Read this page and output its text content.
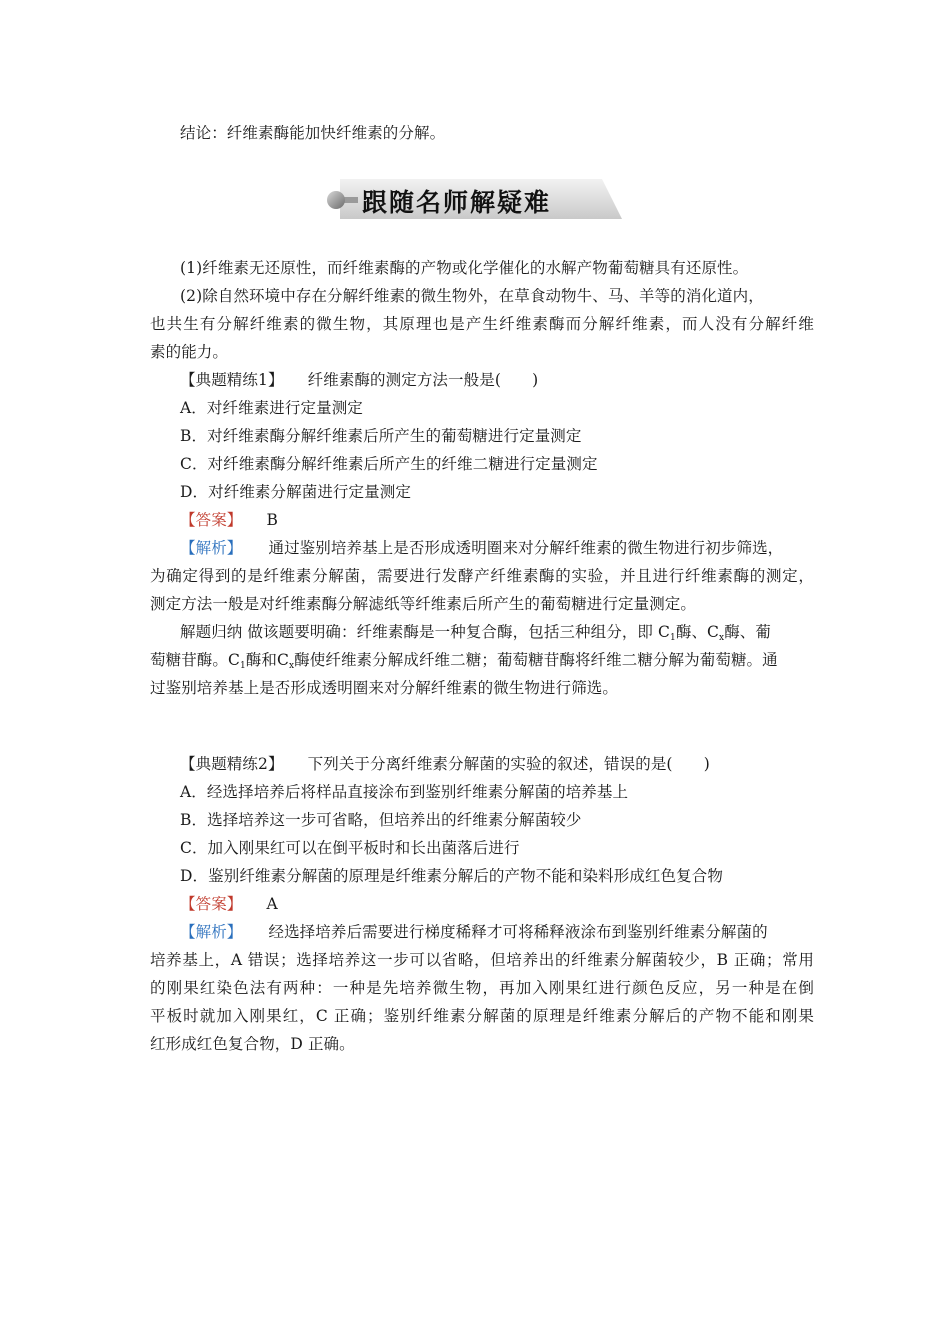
结论：纤维素酶能加快纤维素的分解。
跟随名师解疑难
(1)纤维素无还原性，而纤维素酶的产物或化学催化的水解产物葡萄糖具有还原性。
(2)除自然环境中存在分解纤维素的微生物外，在草食动物牛、马、羊等的消化道内，
也共生有分解纤维素的微生物，其原理也是产生纤维素酶而分解纤维素，而人没有分解纤维
素的能力。
【典题精练1】 纤维素酶的测定方法一般是(　　)
A．对纤维素进行定量测定
B．对纤维素酶分解纤维素后所产生的葡萄糖进行定量测定
C．对纤维素酶分解纤维素后所产生的纤维二糖进行定量测定
D．对纤维素分解菌进行定量测定
【答案】 B
【解析】 通过鉴别培养基上是否形成透明圈来对分解纤维素的微生物进行初步筛选，
为确定得到的是纤维素分解菌，需要进行发酵产纤维素酶的实验，并且进行纤维素酶的测定，
测定方法一般是对纤维素酶分解滤纸等纤维素后所产生的葡萄糖进行定量测定。
解题归纳 做该题要明确：纤维素酶是一种复合酶，包括三种组分，即 C1酶、Cx酶、葡
萄糖苷酶。C1酶和Cx酶使纤维素分解成纤维二糖；葡萄糖苷酶将纤维二糖分解为葡萄糖。通
过鉴别培养基上是否形成透明圈来对分解纤维素的微生物进行筛选。
【典题精练2】 下列关于分离纤维素分解菌的实验的叙述，错误的是(　　)
A．经选择培养后将样品直接涂布到鉴别纤维素分解菌的培养基上
B．选择培养这一步可省略，但培养出的纤维素分解菌较少
C．加入刚果红可以在倒平板时和长出菌落后进行
D．鉴别纤维素分解菌的原理是纤维素分解后的产物不能和染料形成红色复合物
【答案】 A
【解析】 经选择培养后需要进行梯度稀释才可将稀释液涂布到鉴别纤维素分解菌的
培养基上，A 错误；选择培养这一步可以省略，但培养出的纤维素分解菌较少，B 正确；常用
的刚果红染色法有两种：一种是先培养微生物，再加入刚果红进行颜色反应，另一种是在倒
平板时就加入刚果红，C 正确；鉴别纤维素分解菌的原理是纤维素分解后的产物不能和刚果
红形成红色复合物，D 正确。
